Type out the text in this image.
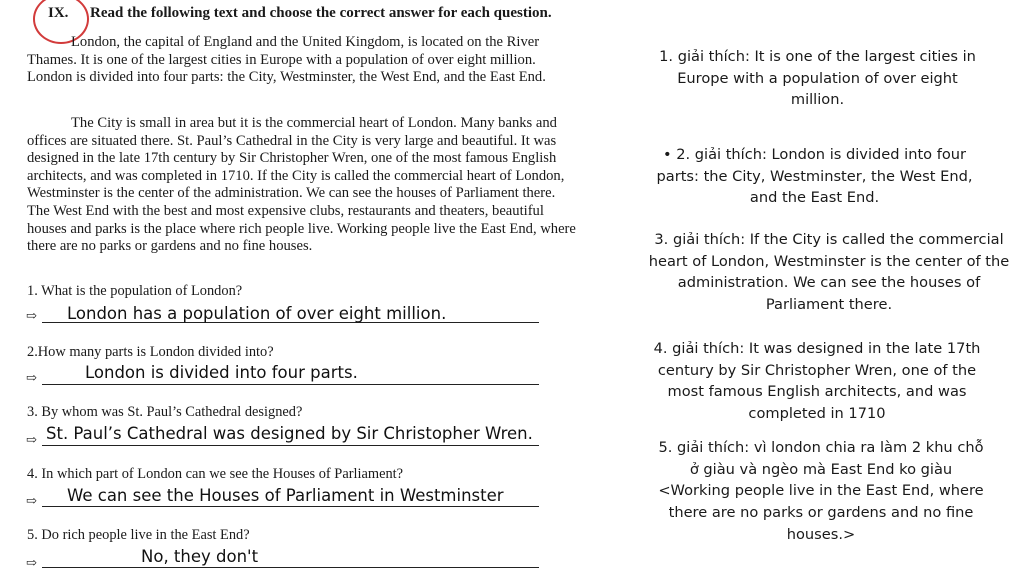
IX. Read the following text and choose the correct answer for each question.

London, the capital of England and the United Kingdom, is located on the River Thames. It is one of the largest cities in Europe with a population of over eight million. London is divided into four parts: the City, Westminster, the West End, and the East End.

The City is small in area but it is the commercial heart of London. Many banks and offices are situated there. St. Paul’s Cathedral in the City is very large and beautiful. It was designed in the late 17th century by Sir Christopher Wren, one of the most famous English architects, and was completed in 1710. If the City is called the commercial heart of London, Westminster is the center of the administration. We can see the houses of Parliament there. The West End with the best and most expensive clubs, restaurants and theaters, beautiful houses and parks is the place where rich people live. Working people live the East End, where there are no parks or gardens and no fine houses.

1. What is the population of London?
⇨ London has a population of over eight million.
2.How many parts is London divided into?
⇨	London is divided into four parts.
3. By whom was St. Paul’s Cathedral designed?
⇨ St. Paul’s Cathedral was designed by Sir Christopher Wren.
4. In which part of London can we see the Houses of Parliament?
⇨ We can see the Houses of Parliament in Westminster
5. Do rich people live in the East End?
⇨	No, they don't
1. giải thích: It is one of the largest cities in Europe with a population of over eight million.
• 2. giải thích: London is divided into four parts: the City, Westminster, the West End, and the East End.
3. giải thích: If the City is called the commercial heart of London, Westminster is the center of the administration. We can see the houses of Parliament there.
4. giải thích: It was designed in the late 17th century by Sir Christopher Wren, one of the most famous English architects, and was completed in 1710
5. giải thích: vì london chia ra làm 2 khu chỗ ở giàu và ngèo mà East End ko giàu <Working people live in the East End, where there are no parks or gardens and no fine houses.>
